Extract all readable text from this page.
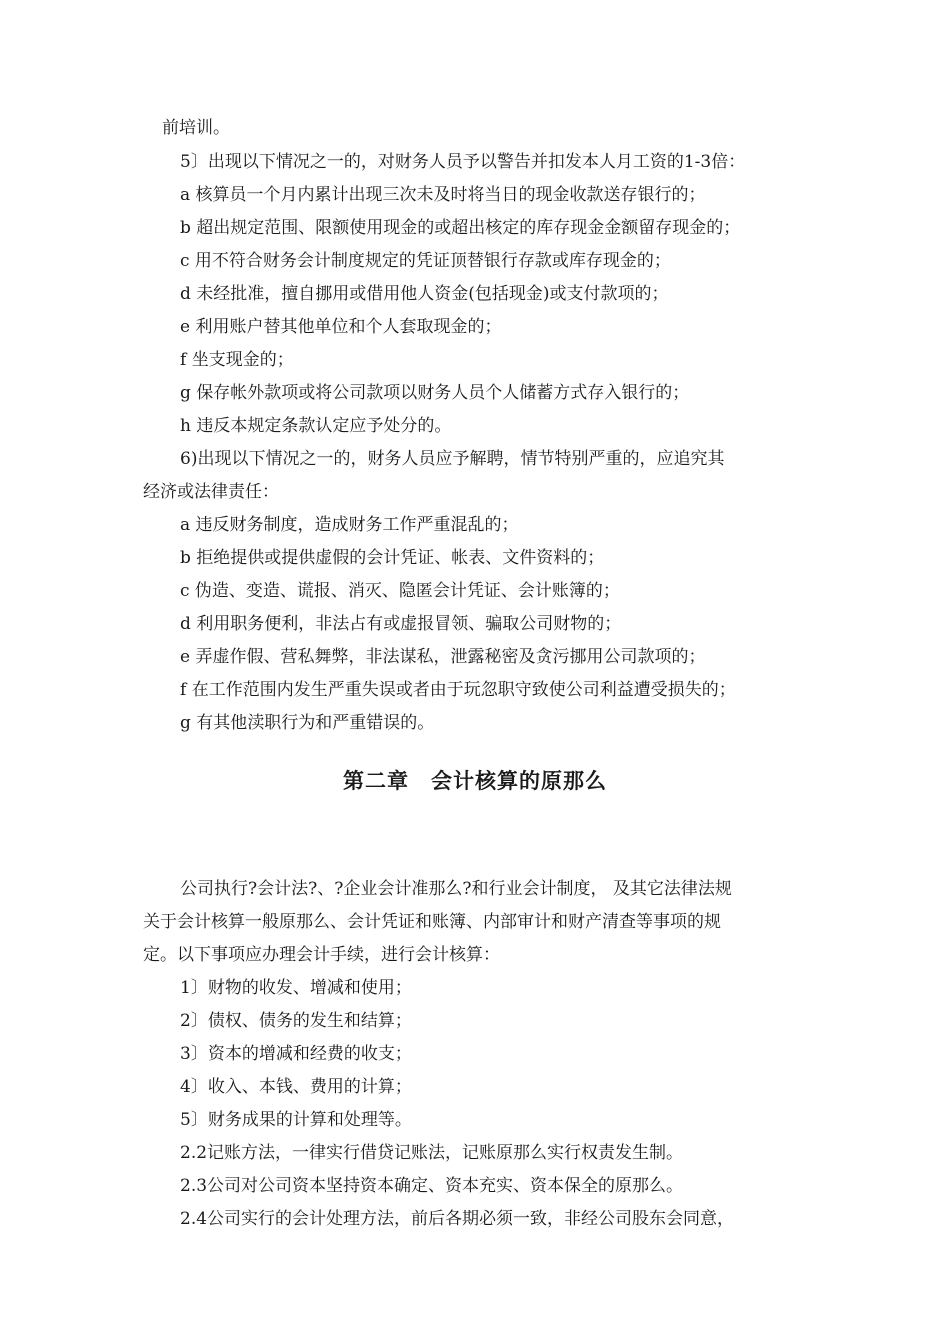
前培训。
5〕出现以下情况之一的，对财务人员予以警告并扣发本人月工资的1-3倍：
a 核算员一个月内累计出现三次未及时将当日的现金收款送存银行的；
b 超出规定范围、限额使用现金的或超出核定的库存现金金额留存现金的；
c 用不符合财务会计制度规定的凭证顶替银行存款或库存现金的；
d 未经批准，擅自挪用或借用他人资金(包括现金)或支付款项的；
e 利用账户替其他单位和个人套取现金的；
f 坐支现金的；
g 保存帐外款项或将公司款项以财务人员个人储蓄方式存入银行的；
h 违反本规定条款认定应予处分的。
6)出现以下情况之一的，财务人员应予解聘，情节特别严重的，应追究其
经济或法律责任：
a 违反财务制度，造成财务工作严重混乱的；
b 拒绝提供或提供虚假的会计凭证、帐表、文件资料的；
c 伪造、变造、谎报、消灭、隐匿会计凭证、会计账簿的；
d 利用职务便利，非法占有或虚报冒领、骗取公司财物的；
e 弄虚作假、营私舞弊，非法谋私，泄露秘密及贪污挪用公司款项的；
f 在工作范围内发生严重失误或者由于玩忽职守致使公司利益遭受损失的；
g 有其他渎职行为和严重错误的。
第二章　会计核算的原那么
公司执行?会计法?、?企业会计准那么?和行业会计制度， 及其它法律法规
关于会计核算一般原那么、会计凭证和账簿、内部审计和财产清查等事项的规
定。以下事项应办理会计手续，进行会计核算：
1〕财物的收发、增减和使用；
2〕债权、债务的发生和结算；
3〕资本的增减和经费的收支；
4〕收入、本钱、费用的计算；
5〕财务成果的计算和处理等。
2.2记账方法，一律实行借贷记账法，记账原那么实行权责发生制。
2.3公司对公司资本坚持资本确定、资本充实、资本保全的原那么。
2.4公司实行的会计处理方法，前后各期必须一致，非经公司股东会同意，
